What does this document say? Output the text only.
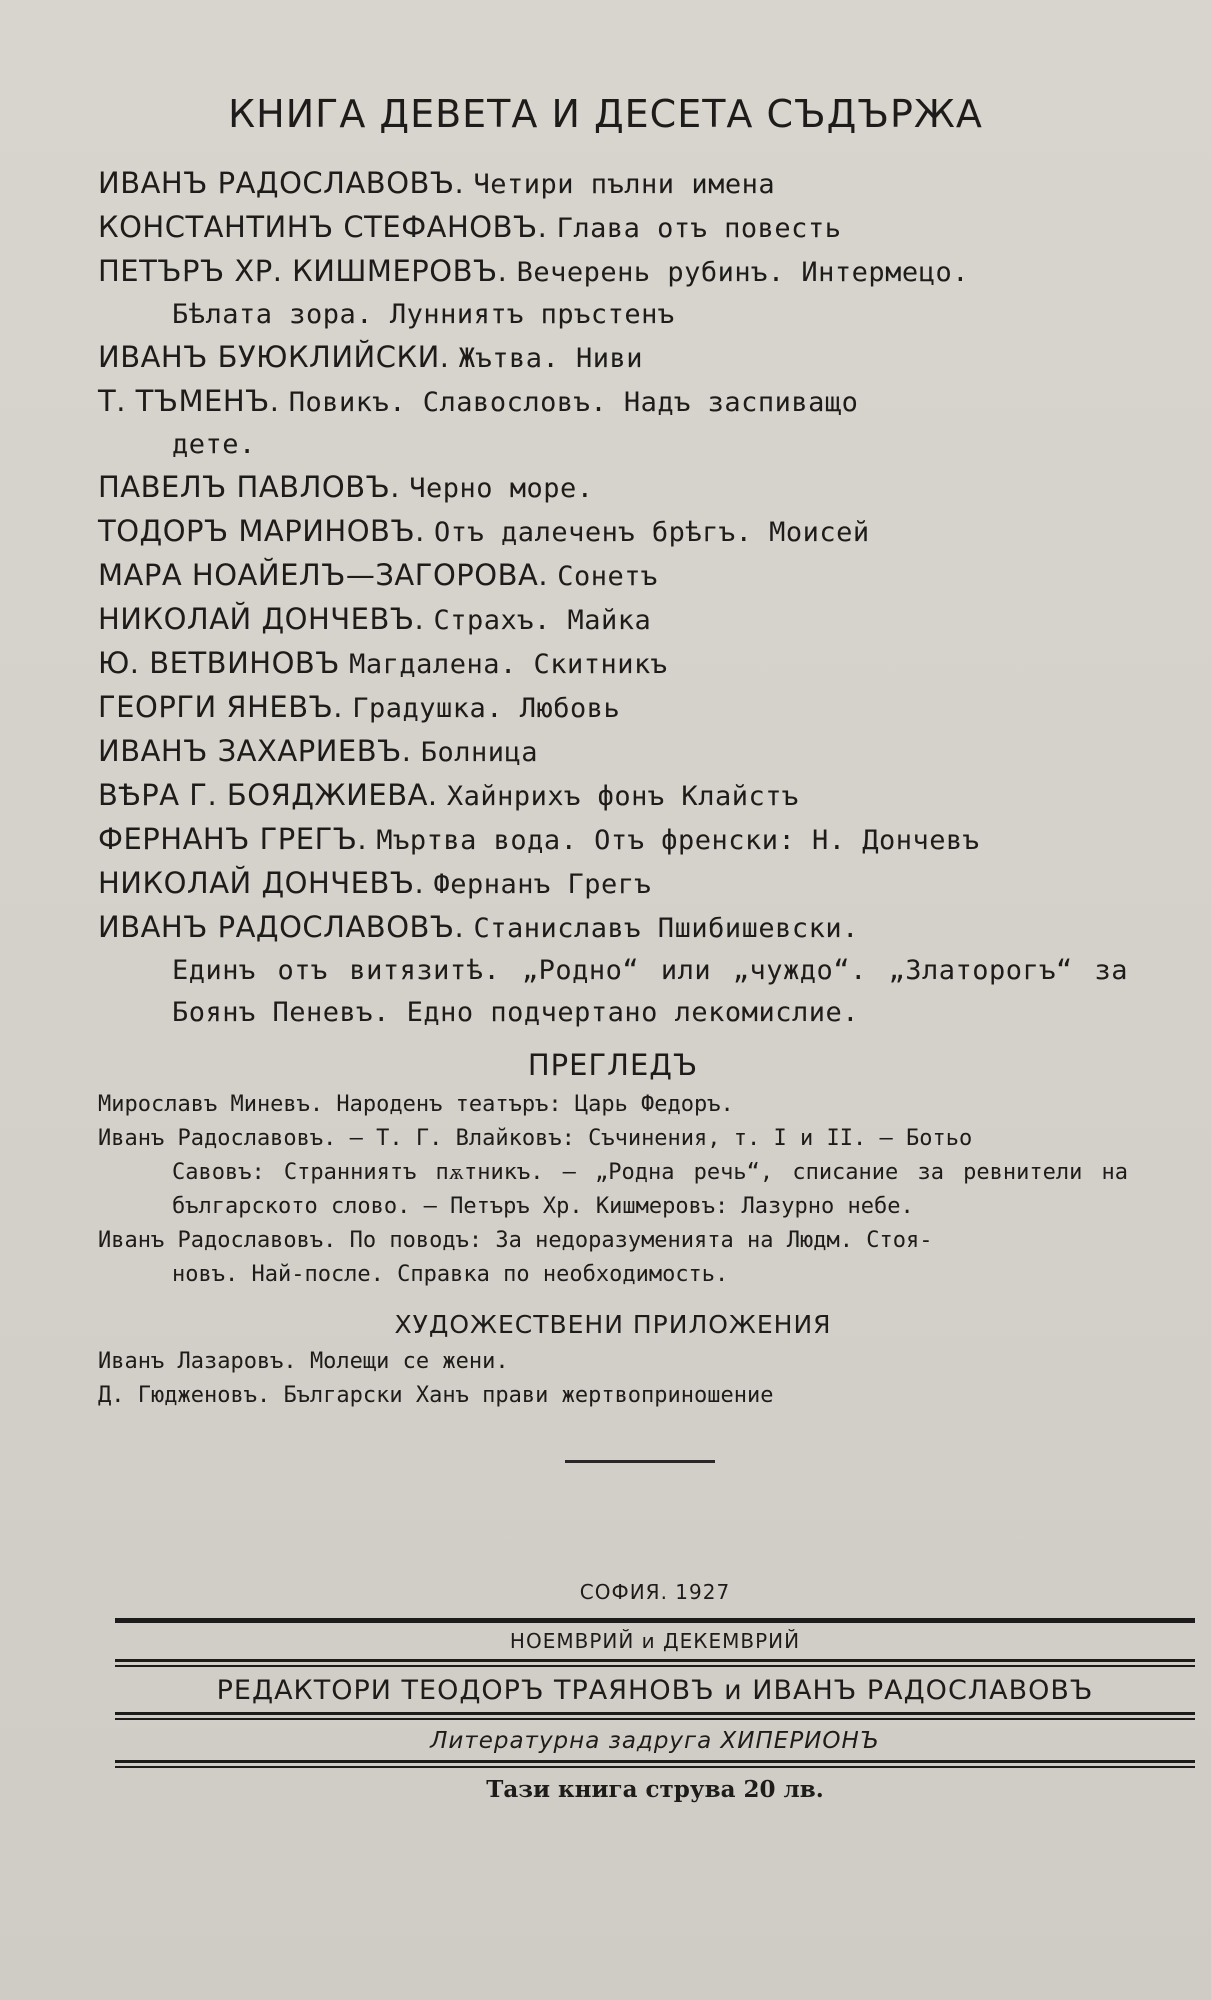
КНИГА ДЕВЕТА И ДЕСЕТА СЪДЪРЖА
ИВАНЪ РАДОСЛАВОВЪ. Четири пълни имена
КОНСТАНТИНЪ СТЕФАНОВЪ. Глава отъ повесть
ПЕТЪРЪ ХР. КИШМЕРОВЪ. Вечерень рубинъ. Интермецо.
Бѣлата зора. Лунниятъ пръстенъ
ИВАНЪ БУЮКЛИЙСКИ. Жътва. Ниви
Т. ТЪМЕНЪ. Повикъ. Славословъ. Надъ заспиващо
дете.
ПАВЕЛЪ ПАВЛОВЪ. Черно море.
ТОДОРЪ МАРИНОВЪ. Отъ далеченъ брѣгъ. Моисей
МАРА НОАЙЕЛЪ—ЗАГОРОВА. Сонетъ
НИКОЛАЙ ДОНЧЕВЪ. Страхъ. Майка
Ю. ВЕТВИНОВЪ Магдалена. Скитникъ
ГЕОРГИ ЯНЕВЪ. Градушка. Любовь
ИВАНЪ ЗАХАРИЕВЪ. Болница
ВѢРА Г. БОЯДЖИЕВА. Хайнрихъ фонъ Клайстъ
ФЕРНАНЪ ГРЕГЪ. Мъртва вода. Отъ френски: Н. Дончевъ
НИКОЛАЙ ДОНЧЕВЪ. Фернанъ Грегъ
ИВАНЪ РАДОСЛАВОВЪ. Станиславъ Пшибишевски.
Единъ отъ витязитѣ. „Родно“ или „чуждо“. „Златорогъ“ за Боянъ Пеневъ. Едно подчертано лекомислие.
ПРЕГЛЕДЪ
Мирославъ Миневъ. Народенъ театъръ: Царь Федоръ.
Иванъ Радославовъ. — Т. Г. Влайковъ: Съчинения, т. I и II. — Ботьо
Савовъ: Странниятъ пѫтникъ. — „Родна речь“, списание за ревнители на българското слово. — Петъръ Хр. Кишмеровъ: Лазурно небе.
Иванъ Радославовъ. По поводъ: За недоразуменията на Людм. Стоя-
новъ. Най-после. Справка по необходимость.
ХУДОЖЕСТВЕНИ ПРИЛОЖЕНИЯ
Иванъ Лазаровъ. Молещи се жени.
Д. Гюдженовъ. Български Ханъ прави жертвоприношение
СОФИЯ. 1927
НОЕМВРИЙ и ДЕКЕМВРИЙ
РЕДАКТОРИ ТЕОДОРЪ ТРАЯНОВЪ и ИВАНЪ РАДОСЛАВОВЪ
Литературна задруга ХИПЕРИОНЪ
Тази книга струва 20 лв.
